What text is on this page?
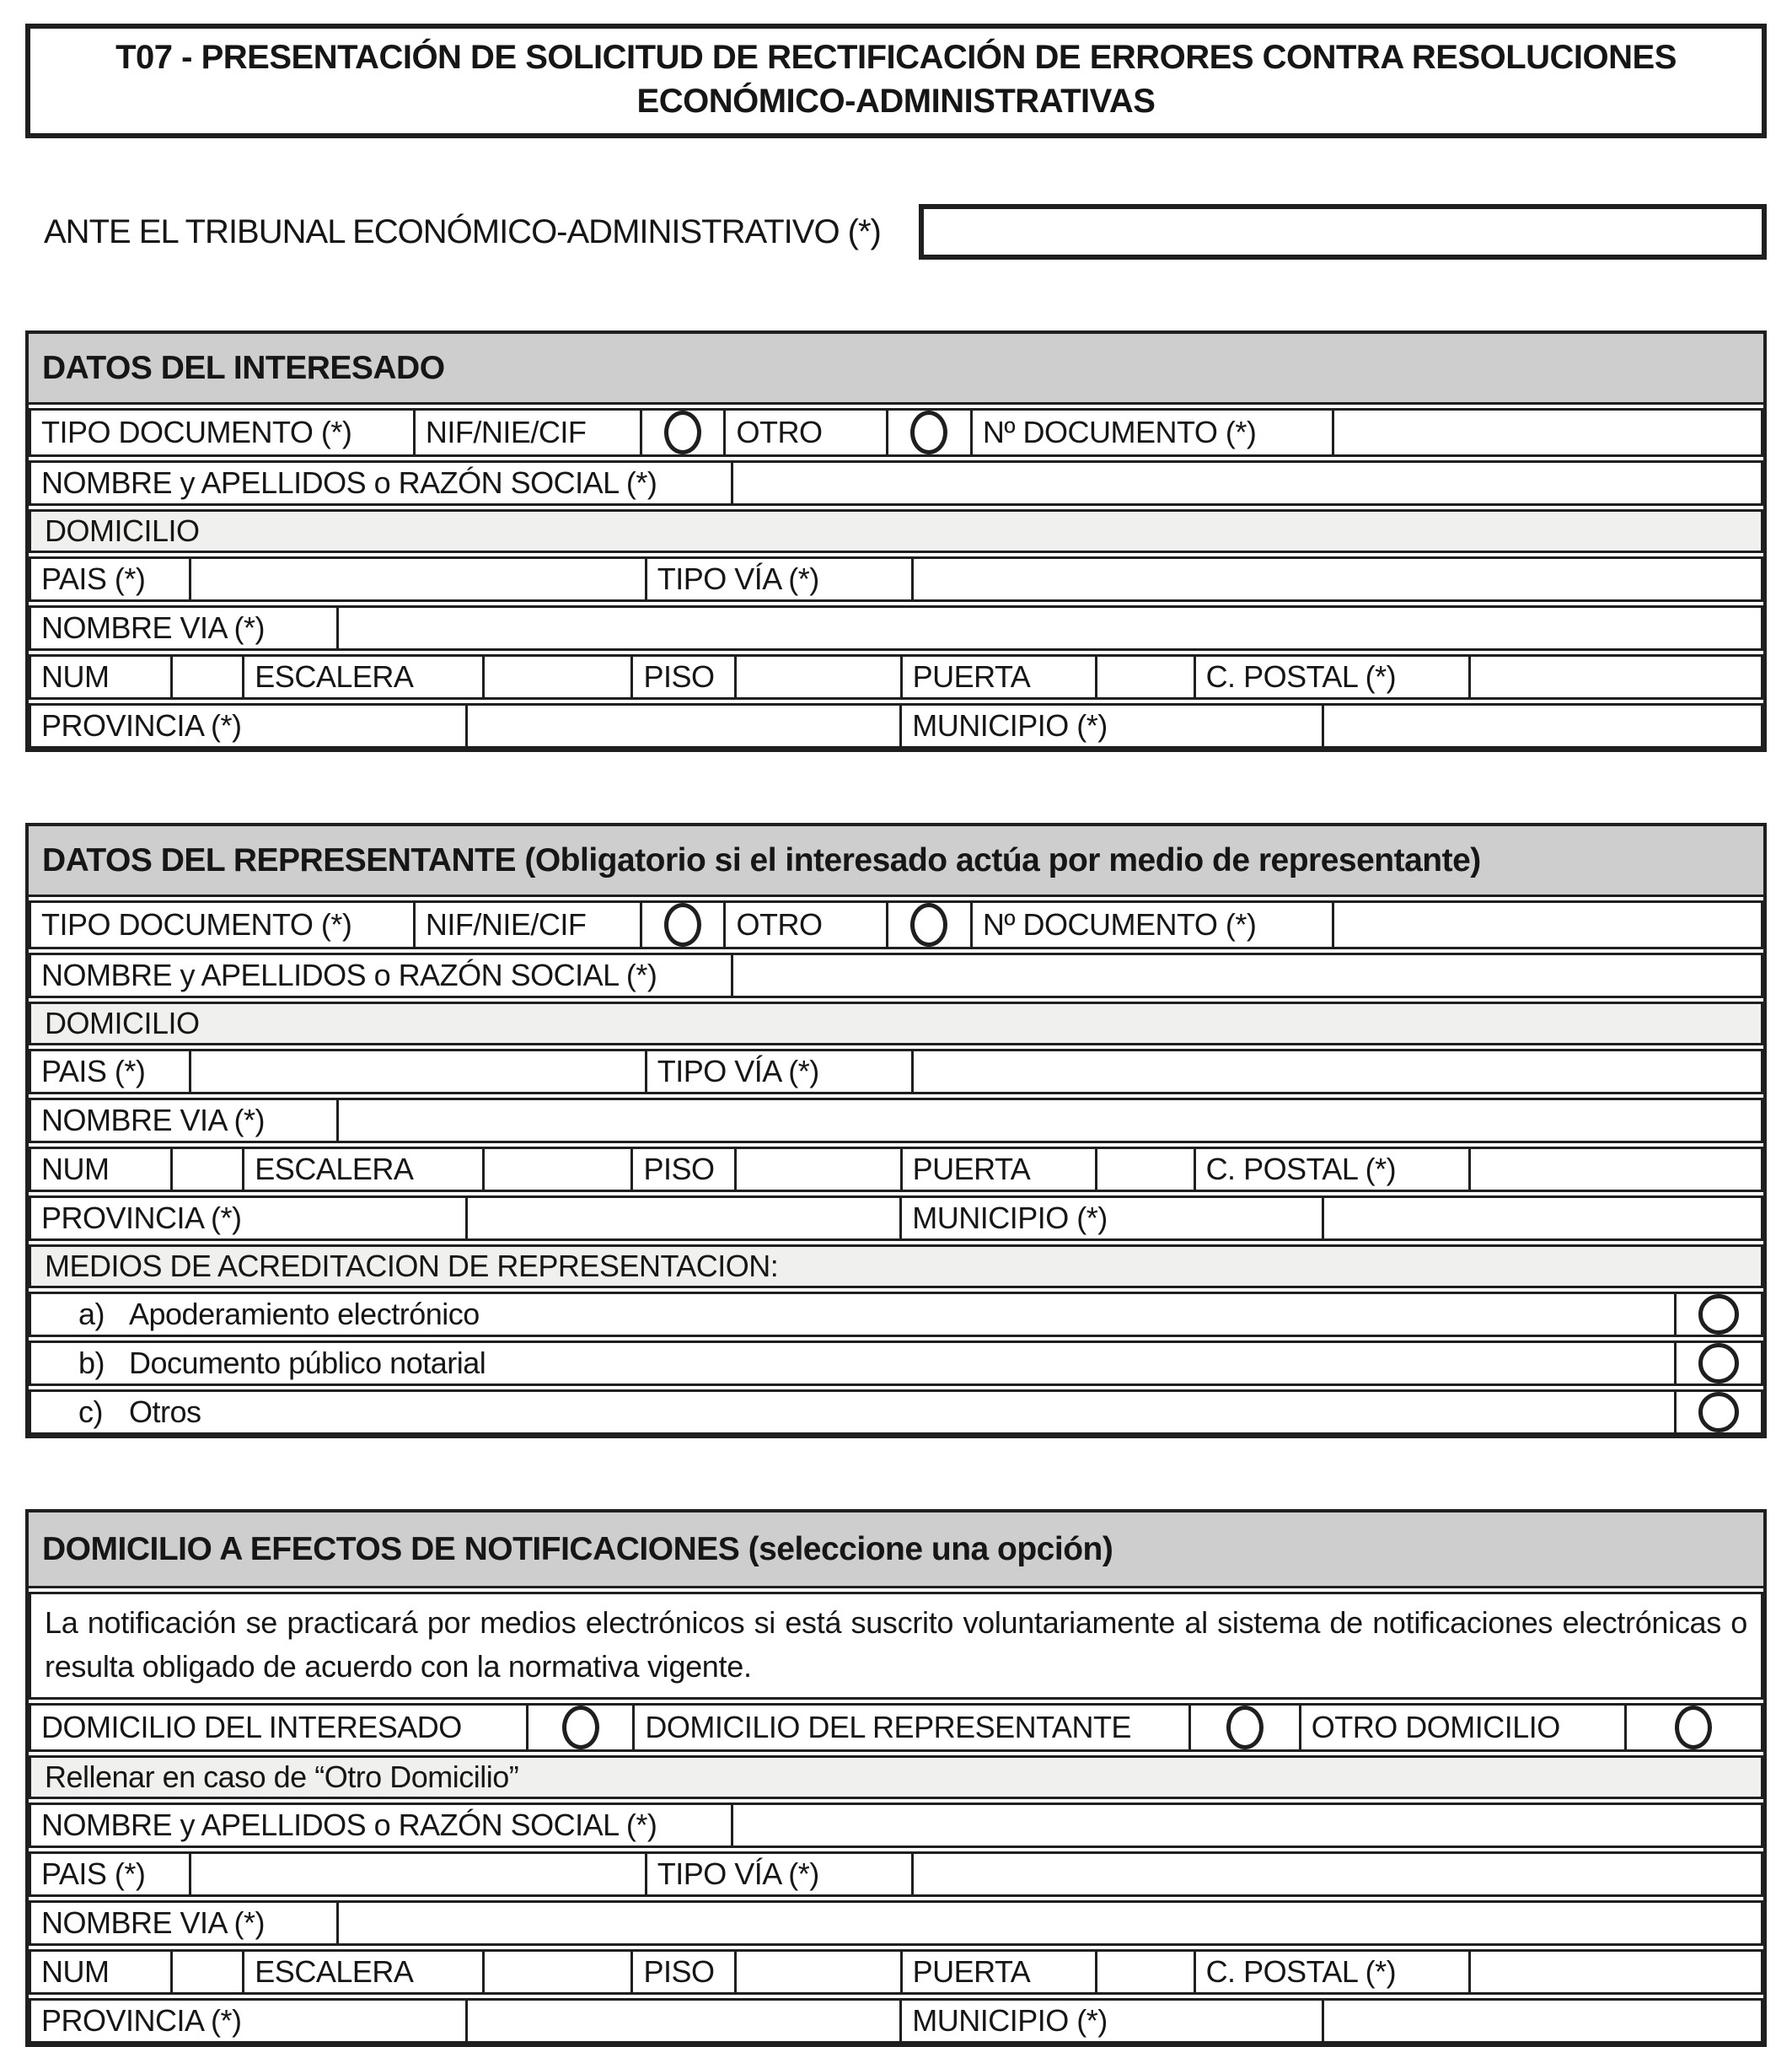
T07 - PRESENTACIÓN DE SOLICITUD DE RECTIFICACIÓN DE ERRORES CONTRA RESOLUCIONES
ECONÓMICO-ADMINISTRATIVAS
ANTE EL TRIBUNAL ECONÓMICO-ADMINISTRATIVO (*)
DATOS DEL INTERESADO
TIPO DOCUMENTO (*)	NIF/NIE/CIF	OTRO	Nº DOCUMENTO (*)
NOMBRE y APELLIDOS o RAZÓN SOCIAL (*)
DOMICILIO
PAIS (*)	TIPO VÍA (*)
NOMBRE VIA (*)
NUM	ESCALERA	PISO	PUERTA	C. POSTAL (*)
PROVINCIA (*)	MUNICIPIO (*)
DATOS DEL REPRESENTANTE (Obligatorio si el interesado actúa por medio de representante)
TIPO DOCUMENTO (*)	NIF/NIE/CIF	OTRO	Nº DOCUMENTO (*)
NOMBRE y APELLIDOS o RAZÓN SOCIAL (*)
DOMICILIO
PAIS (*)	TIPO VÍA (*)
NOMBRE VIA (*)
NUM	ESCALERA	PISO	PUERTA	C. POSTAL (*)
PROVINCIA (*)	MUNICIPIO (*)
MEDIOS DE ACREDITACION DE REPRESENTACION:
a) Apoderamiento electrónico
b) Documento público notarial
c) Otros
DOMICILIO A EFECTOS DE NOTIFICACIONES (seleccione una opción)
La notificación se practicará por medios electrónicos si está suscrito voluntariamente al sistema de notificaciones electrónicas o resulta obligado de acuerdo con la normativa vigente.
DOMICILIO DEL INTERESADO	DOMICILIO DEL REPRESENTANTE	OTRO DOMICILIO
Rellenar en caso de “Otro Domicilio”
NOMBRE y APELLIDOS o RAZÓN SOCIAL (*)
PAIS (*)	TIPO VÍA (*)
NOMBRE VIA (*)
NUM	ESCALERA	PISO	PUERTA	C. POSTAL (*)
PROVINCIA (*)	MUNICIPIO (*)
